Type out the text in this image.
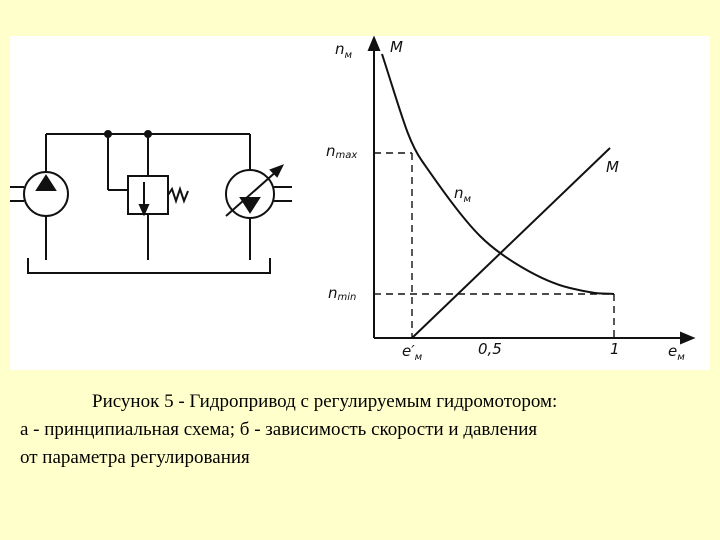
$n_м$	M
nmax
nmin
$n_м$
M
$e'_м$	0,5	1	$e_м$
Рисунок 5 - Гидропривод с регулируемым гидромотором:
а - принципиальная схема; б - зависимость скорости и давления
от параметра регулирования
